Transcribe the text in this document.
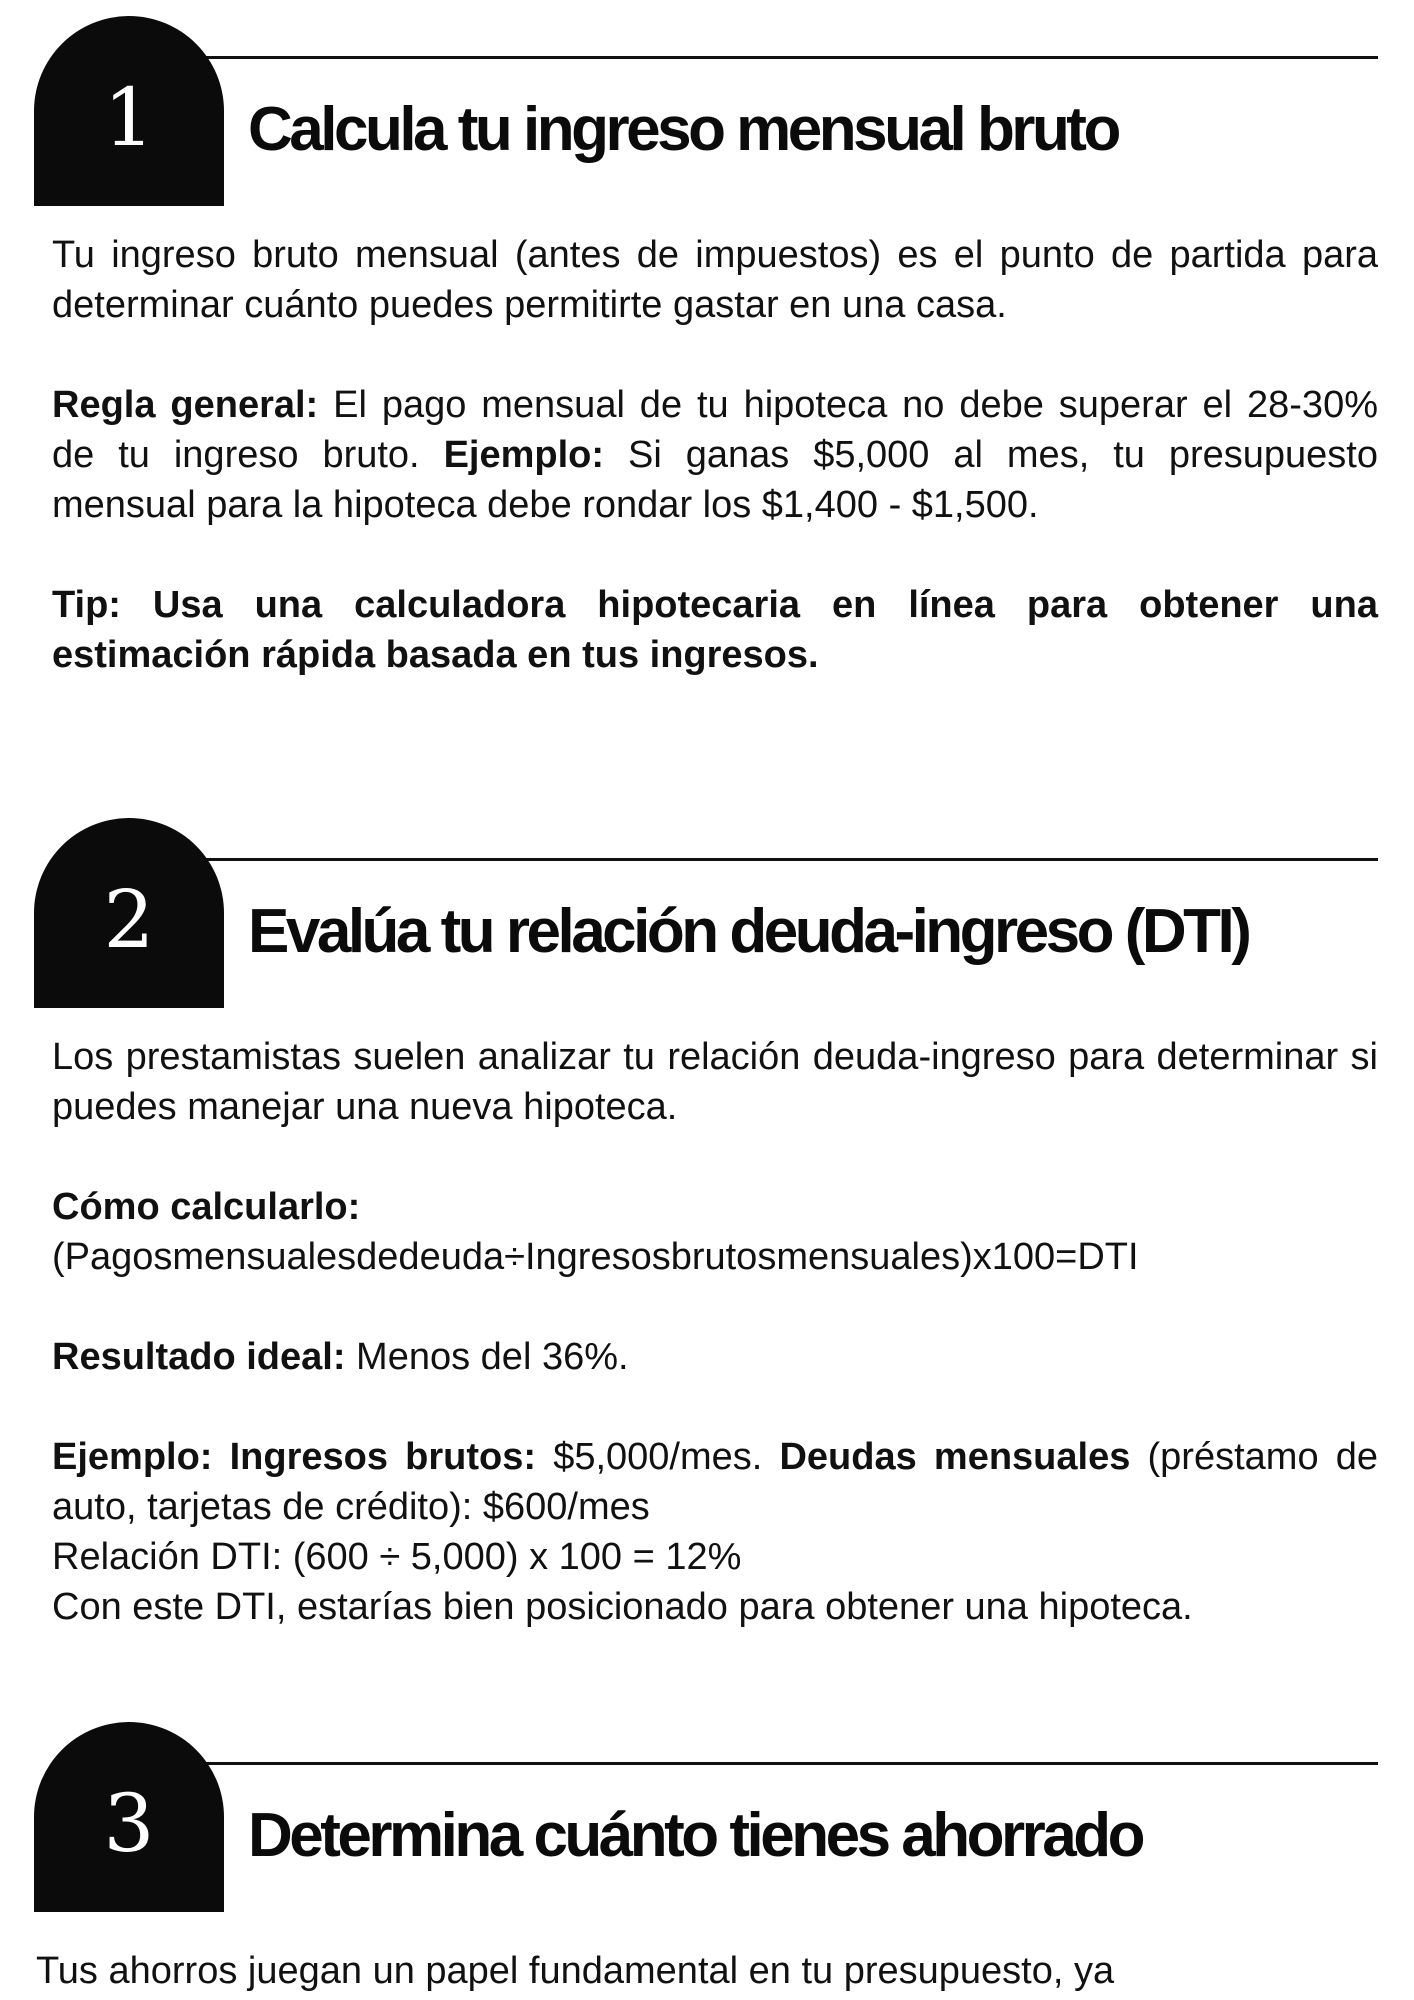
1	Calcula tu ingreso mensual bruto

Tu ingreso bruto mensual (antes de impuestos) es el punto de partida para determinar cuánto puedes permitirte gastar en una casa.

Regla general: El pago mensual de tu hipoteca no debe superar el 28-30% de tu ingreso bruto. Ejemplo: Si ganas $5,000 al mes, tu presupuesto mensual para la hipoteca debe rondar los $1,400 - $1,500.

Tip: Usa una calculadora hipotecaria en línea para obtener una estimación rápida basada en tus ingresos.

2	Evalúa tu relación deuda-ingreso (DTI)

Los prestamistas suelen analizar tu relación deuda-ingreso para determinar si puedes manejar una nueva hipoteca.

Cómo calcularlo:

(Pagosmensualesdedeuda÷Ingresosbrutosmensuales)x100=DTI

Resultado ideal: Menos del 36%.

Ejemplo: Ingresos brutos: $5,000/mes. Deudas mensuales (préstamo de auto, tarjetas de crédito): $600/mes

Relación DTI: (600 ÷ 5,000) x 100 = 12%

Con este DTI, estarías bien posicionado para obtener una hipoteca.

3	Determina cuánto tienes ahorrado

Tus ahorros juegan un papel fundamental en tu presupuesto, ya
